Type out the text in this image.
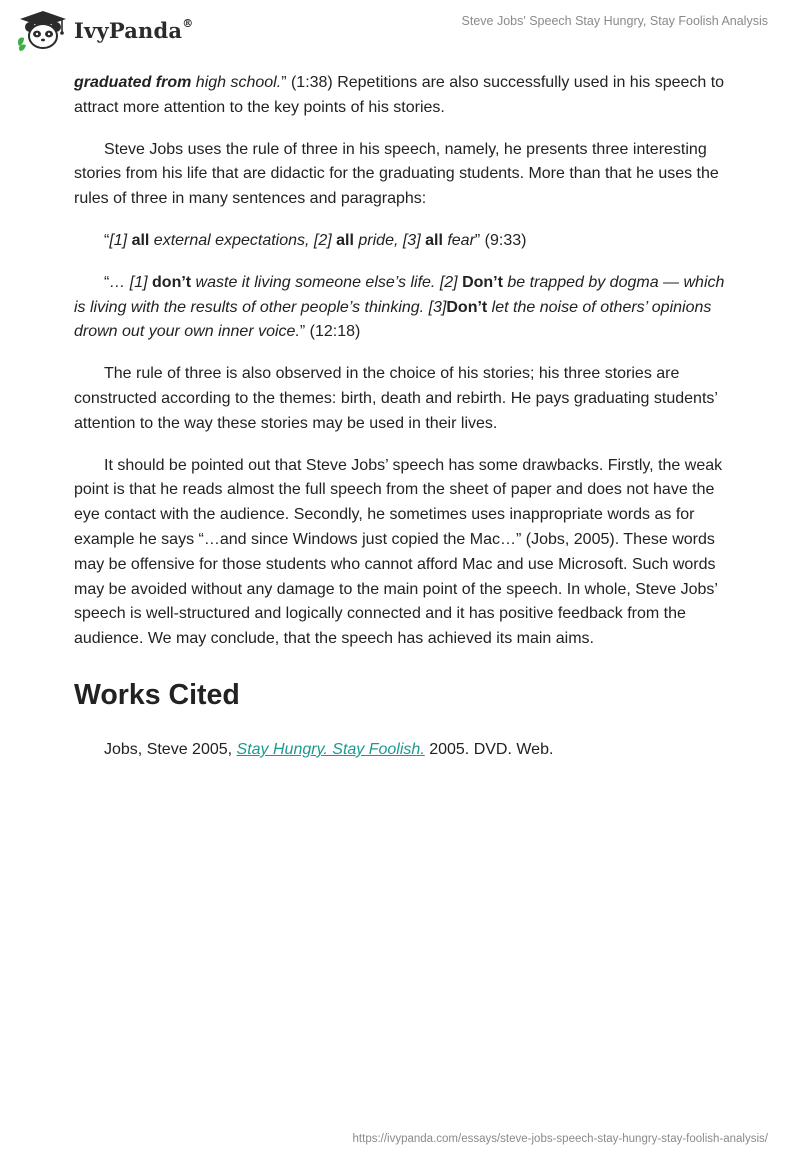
IvyPanda®	Steve Jobs' Speech Stay Hungry, Stay Foolish Analysis

graduated from high school.” (1:38) Repetitions are also successfully used in his speech to attract more attention to the key points of his stories.

Steve Jobs uses the rule of three in his speech, namely, he presents three interesting stories from his life that are didactic for the graduating students. More than that he uses the rules of three in many sentences and paragraphs:

“[1] all external expectations, [2] all pride, [3] all fear” (9:33)

“… [1] don’t waste it living someone else’s life. [2] Don’t be trapped by dogma — which is living with the results of other people’s thinking. [3]Don’t let the noise of others’ opinions drown out your own inner voice.” (12:18)

The rule of three is also observed in the choice of his stories; his three stories are constructed according to the themes: birth, death and rebirth. He pays graduating students’ attention to the way these stories may be used in their lives.

It should be pointed out that Steve Jobs’ speech has some drawbacks. Firstly, the weak point is that he reads almost the full speech from the sheet of paper and does not have the eye contact with the audience. Secondly, he sometimes uses inappropriate words as for example he says “…and since Windows just copied the Mac…” (Jobs, 2005). These words may be offensive for those students who cannot afford Mac and use Microsoft. Such words may be avoided without any damage to the main point of the speech. In whole, Steve Jobs’ speech is well-structured and logically connected and it has positive feedback from the audience. We may conclude, that the speech has achieved its main aims.

Works Cited

Jobs, Steve 2005, Stay Hungry. Stay Foolish. 2005. DVD. Web.

https://ivypanda.com/essays/steve-jobs-speech-stay-hungry-stay-foolish-analysis/
